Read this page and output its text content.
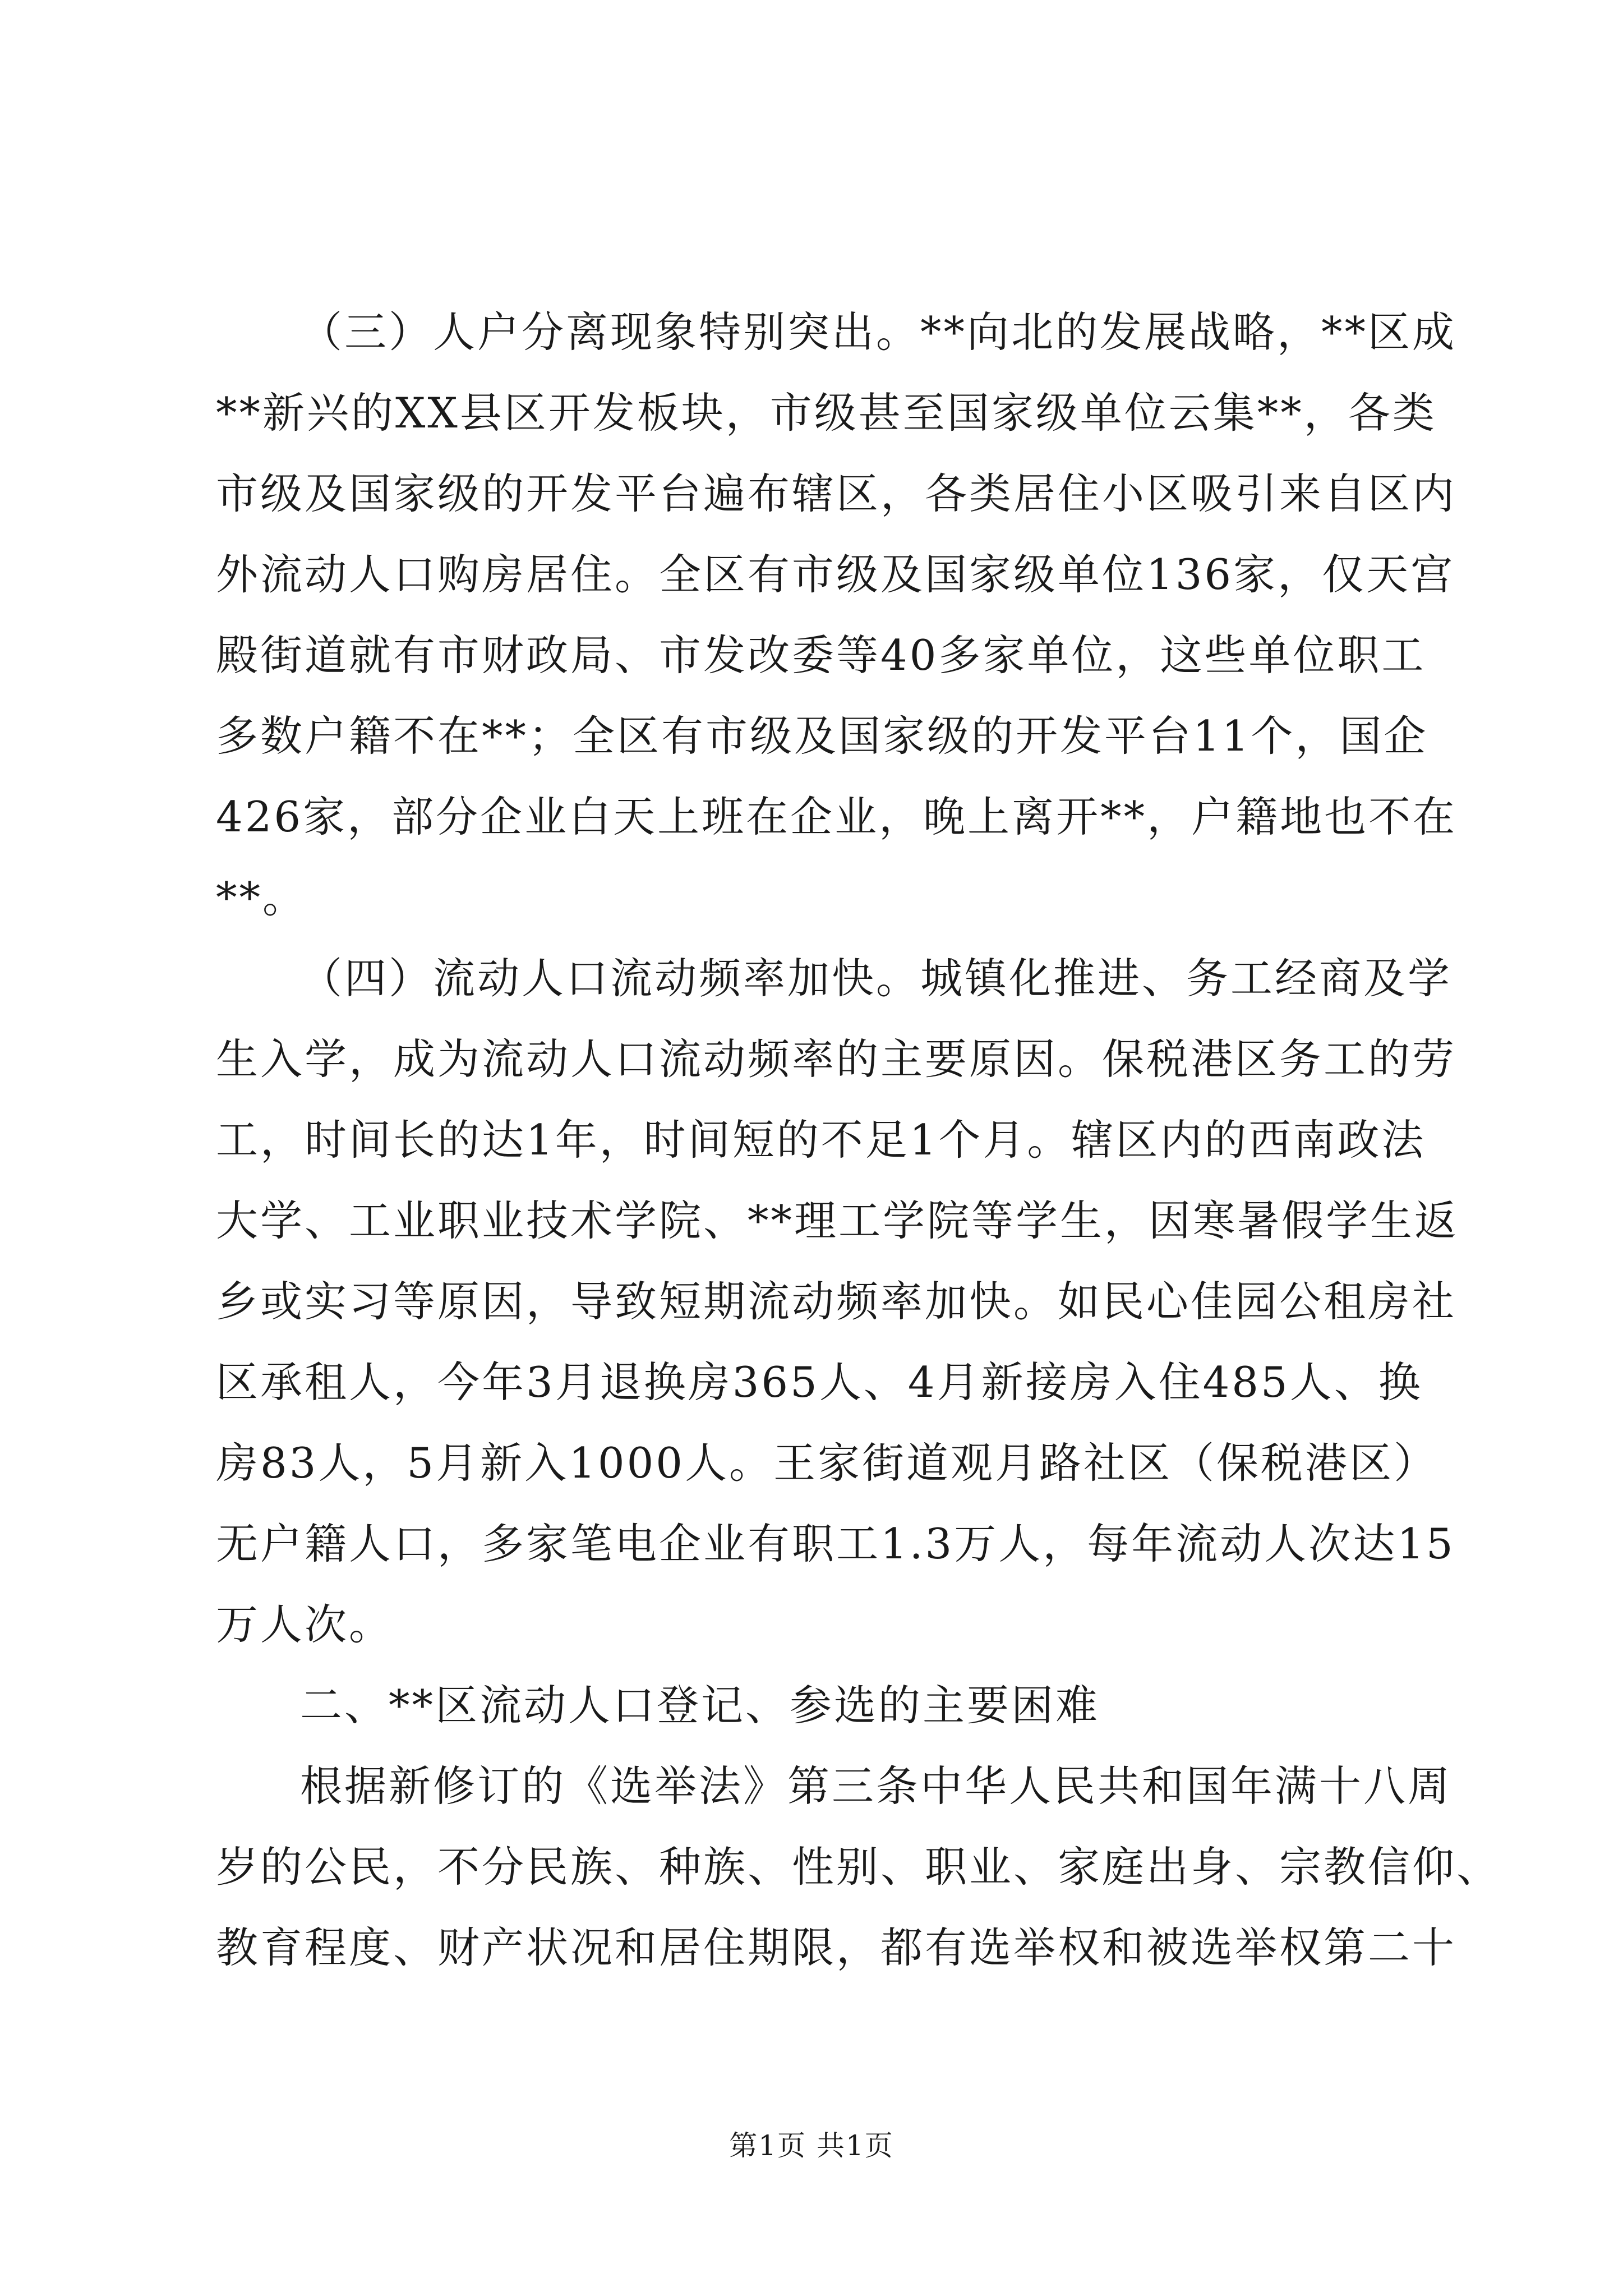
（三）人户分离现象特别突出。**向北的发展战略，**区成
**新兴的XX县区开发板块，市级甚至国家级单位云集**，各类
市级及国家级的开发平台遍布辖区，各类居住小区吸引来自区内
外流动人口购房居住。全区有市级及国家级单位136家，仅天宫
殿街道就有市财政局、市发改委等40多家单位，这些单位职工
多数户籍不在**；全区有市级及国家级的开发平台11个，国企
426家，部分企业白天上班在企业，晚上离开**，户籍地也不在
**。
（四）流动人口流动频率加快。城镇化推进、务工经商及学
生入学，成为流动人口流动频率的主要原因。保税港区务工的劳
工，时间长的达1年，时间短的不足1个月。辖区内的西南政法
大学、工业职业技术学院、**理工学院等学生，因寒暑假学生返
乡或实习等原因，导致短期流动频率加快。如民心佳园公租房社
区承租人，今年3月退换房365人、4月新接房入住485人、换
房83人，5月新入1000人。王家街道观月路社区（保税港区）
无户籍人口，多家笔电企业有职工1.3万人，每年流动人次达15
万人次。
二、**区流动人口登记、参选的主要困难
根据新修订的《选举法》第三条中华人民共和国年满十八周
岁的公民，不分民族、种族、性别、职业、家庭出身、宗教信仰、
教育程度、财产状况和居住期限，都有选举权和被选举权第二十
第1页 共1页
